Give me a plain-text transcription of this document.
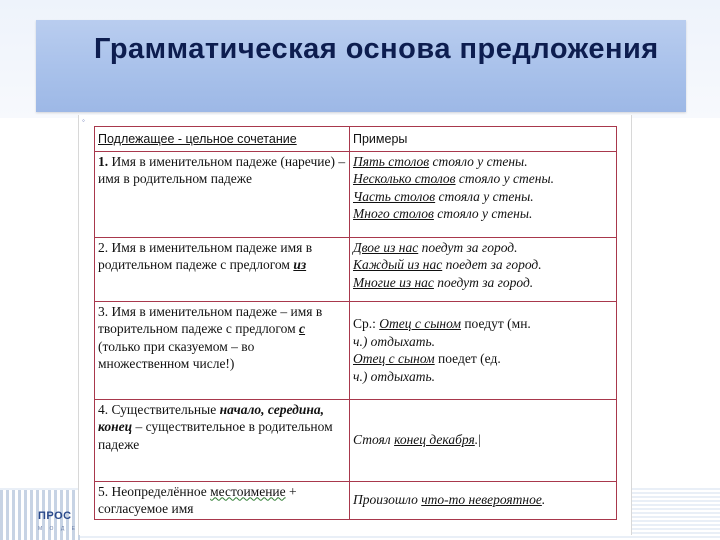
Грамматическая основа предложения
ПРОС
М О Д Е
◦
Подлежащее - цельное сочетание	Примеры
1. Имя в именительном падеже (наречие) – имя в родительном падеже	Пять столов стояло у стены.
Несколько столов стояло у стены.
Часть столов стояла у стены.
Много столов стояло у стены.

2. Имя в именительном падеже имя в родительном падеже с предлогом из	Двое из нас поедут за город.
Каждый из нас поедет за город.
Многие из нас поедут за город.

3. Имя в именительном падеже – имя в творительном падеже с предлогом с (только при сказуемом – во множественном числе!)	Ср.: Отец с сыном поедут (мн.
ч.) отдыхать.
Отец с сыном поедет (ед.
ч.) отдыхать.

4. Существительные начало, середина, конец – существительное в родительном падеже	Стоял конец декабря.|
5. Неопределённое местоимение + согласуемое имя	Произошло что-то невероятное.
